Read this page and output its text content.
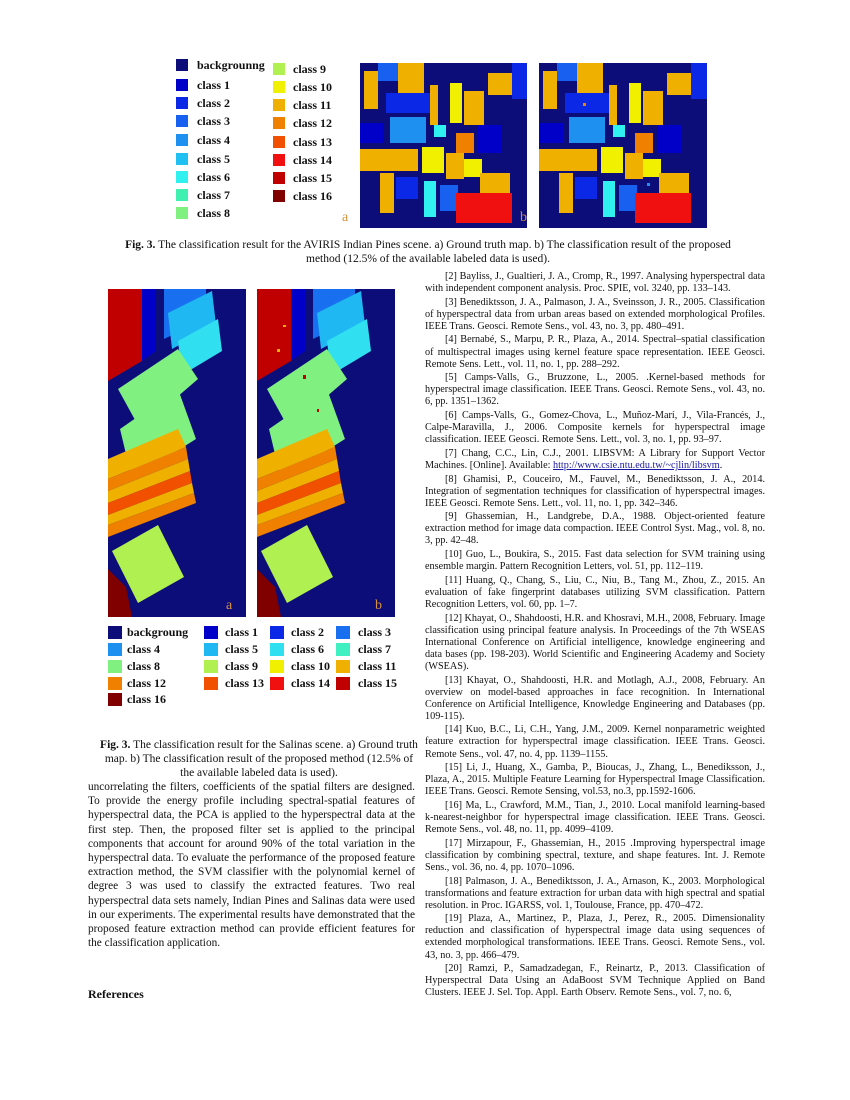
backgrounng
class 1
class 2
class 3
class 4
class 5
class 6
class 7
class 8
class 9
class 10
class 11
class 12
class 13
class 14
class 15
class 16
a	b
Fig. 3. The classification result for the AVIRIS Indian Pines scene. a) Ground truth map. b) The classification result of the proposed method (12.5% of the available labeled data is used).
a	b
backgroung	class 1	class 2	class 3
class 4	class 5	class 6	class 7
class 8	class 9	class 10 class 11
class 12	class 13 class 14 class 15
class 16
Fig. 3. The classification result for the Salinas scene. a) Ground truth map. b) The classification result of the proposed method (12.5% of the available labeled data is used).
uncorrelating the filters, coefficients of the spatial filters are designed. To provide the energy profile including spectral-spatial features of hyperspectral data, the PCA is applied to the hyperspectral data at the first step. Then, the proposed filter set is applied to the principal components that account for around 90% of the total variation in the hyperspectral data. To evaluate the performance of the proposed feature extraction method, the SVM classifier with the polynomial kernel of degree 3 was used to classify the extracted features. Two real hyperspectral data sets namely, Indian Pines and Salinas data were used in our experiments. The experimental results have demonstrated that the proposed feature extraction method can provide efficient features for the classification application.
References

[2] Bayliss, J., Gualtieri, J. A., Cromp, R., 1997. Analysing hyperspectral data with independent component analysis. Proc. SPIE, vol. 3240, pp. 133–143.

[3] Benediktsson, J. A., Palmason, J. A., Sveinsson, J. R., 2005. Classification of hyperspectral data from urban areas based on extended morphological Profiles. IEEE Trans. Geosci. Remote Sens., vol. 43, no. 3, pp. 480–491.

[4] Bernabé, S., Marpu, P. R., Plaza, A., 2014. Spectral–spatial classification of multispectral images using kernel feature space representation. IEEE Geosci. Remote Sens. Lett., vol. 11, no. 1, pp. 288–292.

[5] Camps-Valls, G., Bruzzone, L., 2005. .Kernel-based methods for hyperspectral image classification. IEEE Trans. Geosci. Remote Sens., vol. 43, no. 6, pp. 1351–1362.

[6] Camps-Valls, G., Gomez-Chova, L., Muñoz-Marí, J., Vila-Francés, J., Calpe-Maravilla, J., 2006. Composite kernels for hyperspectral image classification. IEEE Geosci. Remote Sens. Lett., vol. 3, no. 1, pp. 93–97.

[7] Chang, C.C., Lin, C.J., 2001. LIBSVM: A Library for Support Vector Machines. [Online]. Available: http://www.csie.ntu.edu.tw/~cjlin/libsvm.

[8] Ghamisi, P., Couceiro, M., Fauvel, M., Benediktsson, J. A., 2014. Integration of segmentation techniques for classification of hyperspectral images. IEEE Geosci. Remote Sens. Lett., vol. 11, no. 1, pp. 342–346.

[9] Ghassemian, H., Landgrebe, D.A., 1988. Object-oriented feature extraction method for image data compaction. IEEE Control Syst. Mag., vol. 8, no. 3, pp. 42–48.

[10] Guo, L., Boukira, S., 2015. Fast data selection for SVM training using ensemble margin. Pattern Recognition Letters, vol. 51, pp. 112–119.

[11] Huang, Q., Chang, S., Liu, C., Niu, B., Tang M., Zhou, Z., 2015. An evaluation of fake fingerprint databases utilizing SVM classification. Pattern Recognition Letters, vol. 60, pp. 1–7.

[12] Khayat, O., Shahdoosti, H.R. and Khosravi, M.H., 2008, February. Image classification using principal feature analysis. In Proceedings of the 7th WSEAS International Conference on Artificial intelligence, knowledge engineering and data bases (pp. 198-203). World Scientific and Engineering Academy and Society (WSEAS).

[13] Khayat, O., Shahdoosti, H.R. and Motlagh, A.J., 2008, February. An overview on model-based approaches in face recognition. In International Conference on Artificial Intelligence, Knowledge Engineering and Databases (pp. 109-115).

[14] Kuo, B.C., Li, C.H., Yang, J.M., 2009. Kernel nonparametric weighted feature extraction for hyperspectral image classification. IEEE Trans. Geosci. Remote Sens., vol. 47, no. 4, pp. 1139–1155.

[15] Li, J., Huang, X., Gamba, P., Bioucas, J., Zhang, L., Benediksson, J., Plaza, A., 2015. Multiple Feature Learning for Hyperspectral Image Classification. IEEE Trans. Geosci. Remote Sensing, vol.53, no.3, pp.1592-1606.

[16] Ma, L., Crawford, M.M., Tian, J., 2010. Local manifold learning-based k-nearest-neighbor for hyperspectral image classification. IEEE Trans. Geosci. Remote Sens., vol. 48, no. 11, pp. 4099–4109.

[17] Mirzapour, F., Ghassemian, H., 2015 .Improving hyperspectral image classification by combining spectral, texture, and shape features. Int. J. Remote Sens., vol. 36, no. 4, pp. 1070–1096.

[18] Palmason, J. A., Benediktsson, J. A., Arnason, K., 2003. Morphological transformations and feature extraction for urban data with high spectral and spatial resolution. in Proc. IGARSS, vol. 1, Toulouse, France, pp. 470–472.

[19] Plaza, A., Martinez, P., Plaza, J., Perez, R., 2005. Dimensionality reduction and classification of hyperspectral image data using sequences of extended morphological transformations. IEEE Trans. Geosci. Remote Sens., vol. 43, no. 3, pp. 466–479.

[20] Ramzi, P., Samadzadegan, F., Reinartz, P., 2013. Classification of Hyperspectral Data Using an AdaBoost SVM Technique Applied on Band Clusters. IEEE J. Sel. Top. Appl. Earth Observ. Remote Sens., vol. 7, no. 6,
